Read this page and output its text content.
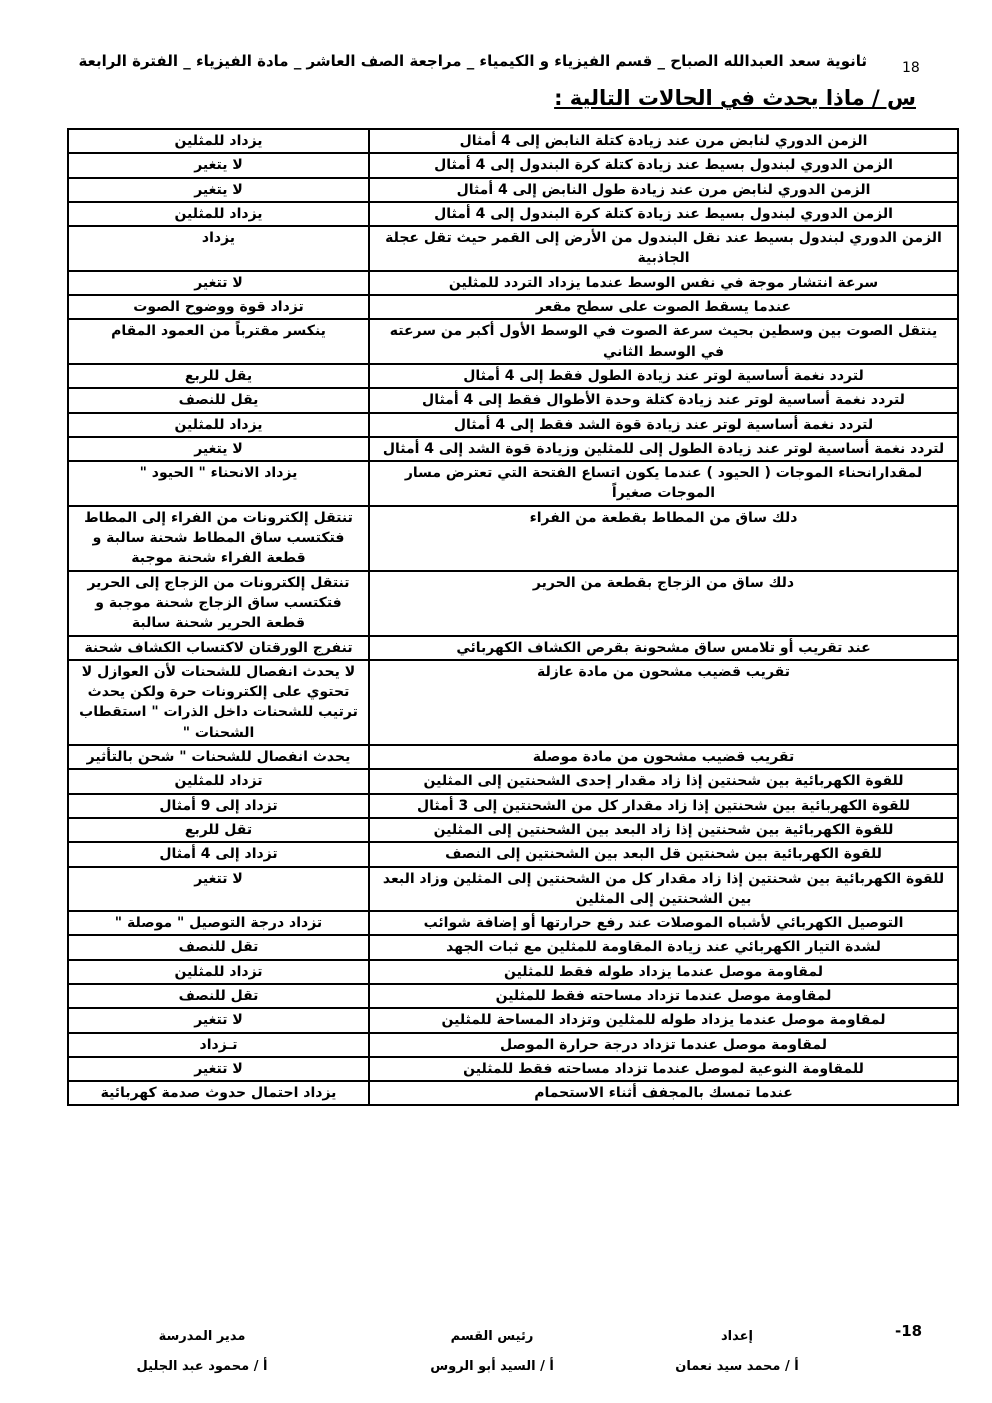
18
ثانوية سعد العبدالله الصباح _ قسم الفيزياء و الكيمياء _ مراجعة الصف العاشر _ مادة الفيزياء _ الفترة الرابعة
س / ماذا يحدث في الحالات التالية :
الزمن الدوري لنابض مرن عند زيادة كتلة النابض إلى 4 أمثال	يزداد للمثلين
الزمن الدوري لبندول بسيط عند زيادة كتلة كرة البندول إلى 4 أمثال	لا يتغير
الزمن الدوري لنابض مرن عند زيادة طول النابض إلى 4 أمثال	لا يتغير
الزمن الدوري لبندول بسيط عند زيادة كتلة كرة البندول إلى 4 أمثال	يزداد للمثلين
الزمن الدوري لبندول بسيط عند نقل البندول من الأرض إلى القمر حيث تقل عجلة الجاذبية	يزداد
سرعة انتشار موجة في نفس الوسط عندما يزداد التردد للمثلين	لا تتغير
عندما يسقط الصوت على سطح مقعر	تزداد قوة ووضوح الصوت
ينتقل الصوت بين وسطين بحيث سرعة الصوت في الوسط الأول أكبر من سرعته في الوسط الثاني	ينكسر مقترباً من العمود المقام
لتردد نغمة أساسية لوتر عند زيادة الطول فقط إلى 4 أمثال	يقل للربع
لتردد نغمة أساسية لوتر عند زيادة كتلة وحدة الأطوال فقط إلى 4 أمثال	يقل للنصف
لتردد نغمة أساسية لوتر عند زيادة قوة الشد فقط إلى 4 أمثال	يزداد للمثلين
لتردد نغمة أساسية لوتر عند زيادة الطول إلى للمثلين وزيادة قوة الشد إلى 4 أمثال	لا يتغير
لمقدارانحناء الموجات ( الحيود ) عندما يكون اتساع الفتحة التي تعترض مسار الموجات صغيراً	يزداد الانحناء " الحيود "
دلك ساق من المطاط بقطعة من الفراء	تنتقل إلكترونات من الفراء إلى المطاط فتكتسب ساق المطاط شحنة سالبة و قطعة الفراء شحنة موجبة
دلك ساق من الزجاج بقطعة من الحرير	تنتقل إلكترونات من الزجاج إلى الحرير فتكتسب ساق الزجاج شحنة موجبة و قطعة الحرير شحنة سالبة
عند تقريب أو تلامس ساق مشحونة بقرص الكشاف الكهربائي	تنفرج الورقتان لاكتساب الكشاف شحنة
تقريب قضيب مشحون من مادة عازلة	لا يحدث انفصال للشحنات لأن العوازل لا تحتوي على إلكترونات حرة ولكن يحدث ترتيب للشحنات داخل الذرات " استقطاب الشحنات "
تقريب قضيب مشحون من مادة موصلة	يحدث انفصال للشحنات " شحن بالتأثير
للقوة الكهربائية بين شحنتين إذا زاد مقدار إحدى الشحنتين إلى المثلين	تزداد للمثلين
للقوة الكهربائية بين شحنتين إذا زاد مقدار كل من الشحنتين إلى 3 أمثال	تزداد إلى 9 أمثال
للقوة الكهربائية بين شحنتين إذا زاد البعد بين الشحنتين إلى المثلين	تقل للربع
للقوة الكهربائية بين شحنتين قل البعد بين الشحنتين إلى النصف	تزداد إلى 4 أمثال
للقوة الكهربائية بين شحنتين إذا زاد مقدار كل من الشحنتين إلى المثلين وزاد البعد بين الشحنتين إلى المثلين	لا تتغير
التوصيل الكهربائي لأشباه الموصلات عند رفع حرارتها أو إضافة شوائب	تزداد درجة التوصيل " موصلة "
لشدة التيار الكهربائي عند زيادة المقاومة للمثلين مع ثبات الجهد	تقل للنصف
لمقاومة موصل عندما يزداد طوله فقط للمثلين	تزداد للمثلين
لمقاومة موصل عندما تزداد مساحته فقط للمثلين	تقل للنصف
لمقاومة موصل عندما يزداد طوله للمثلين وتزداد المساحة للمثلين	لا تتغير
لمقاومة موصل عندما تزداد درجة حرارة الموصل	تـزداد
للمقاومة النوعية لموصل عندما تزداد مساحته فقط للمثلين	لا تتغير
عندما تمسك بالمجفف أثناء الاستحمام	يزداد احتمال حدوث صدمة كهربائية
-18
إعداد
أ / محمد سيد نعمان
رئيس القسم
أ / السيد أبو الروس
مدير المدرسة
أ / محمود عبد الجليل
